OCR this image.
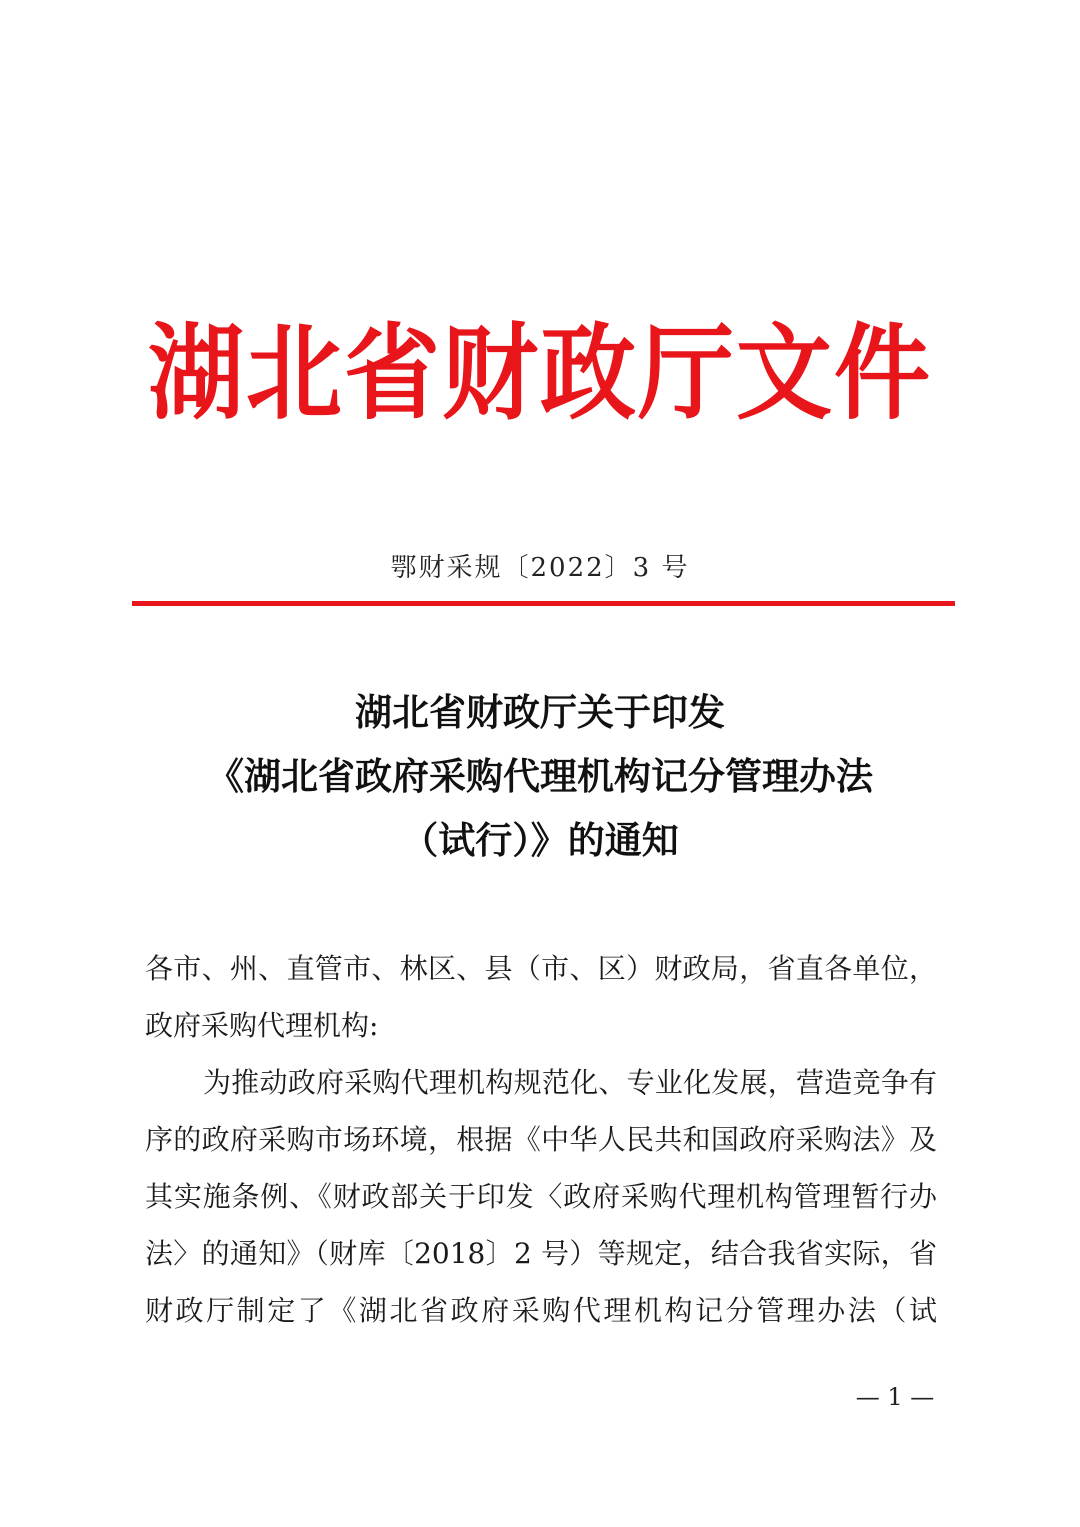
湖北省财政厅文件
鄂财采规〔2022〕3 号
湖北省财政厅关于印发
《湖北省政府采购代理机构记分管理办法
（试行）》的通知
各市、州、直管市、林区、县（市、区）财政局，省直各单位，
政府采购代理机构:
为推动政府采购代理机构规范化、专业化发展，营造竞争有
序的政府采购市场环境，根据《中华人民共和国政府采购法》及
其实施条例、《财政部关于印发〈政府采购代理机构管理暂行办
法〉的通知》（财库〔2018〕2 号）等规定，结合我省实际，省
财政厅制定了《湖北省政府采购代理机构记分管理办法（试
— 1 —
